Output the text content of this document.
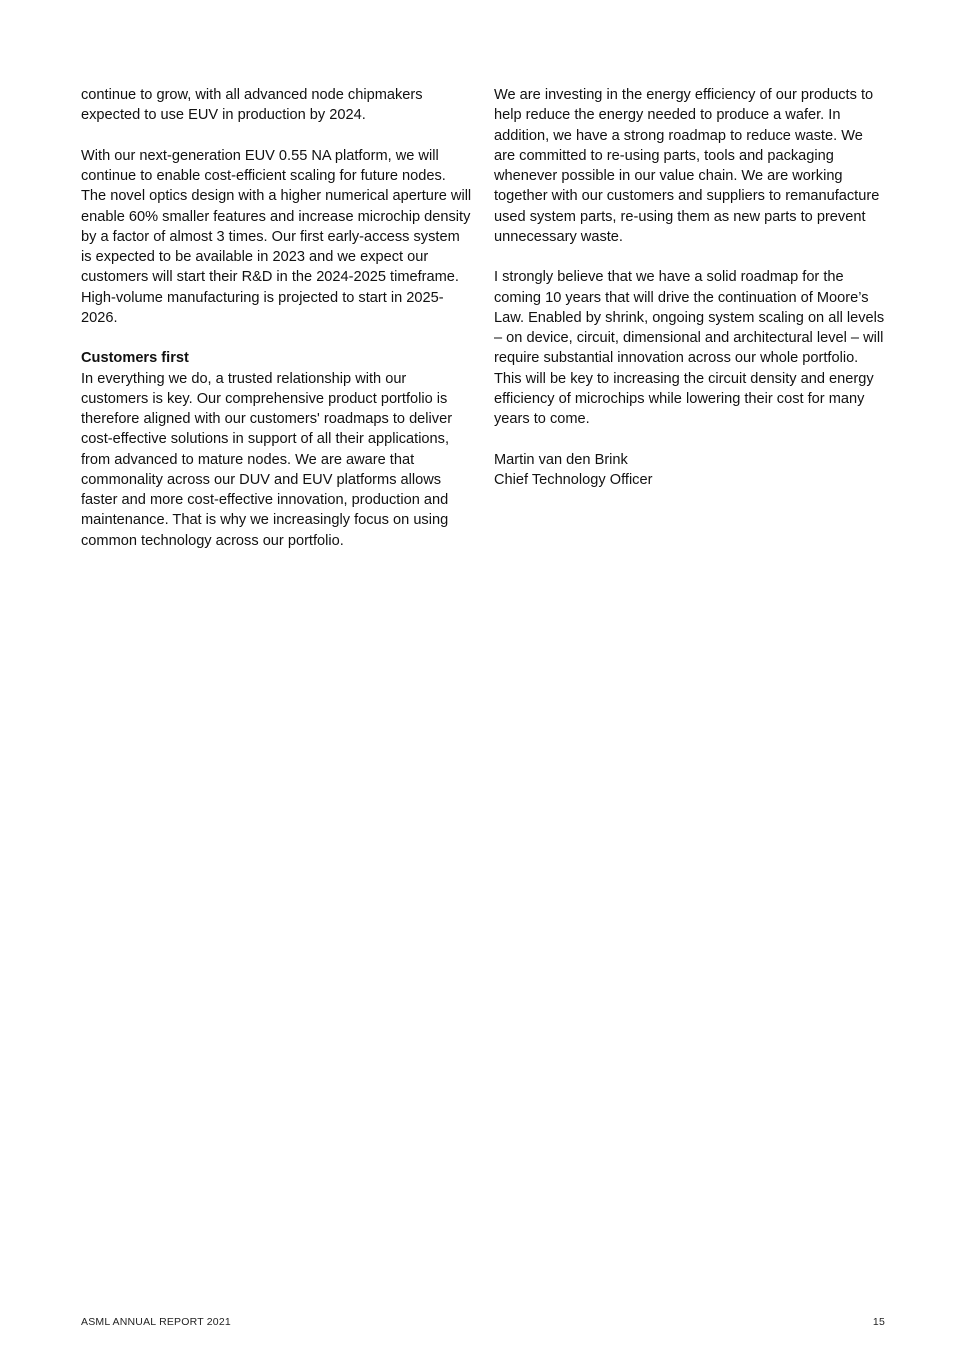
continue to grow, with all advanced node chipmakers expected to use EUV in production by 2024.

With our next-generation EUV 0.55 NA platform, we will continue to enable cost-efficient scaling for future nodes. The novel optics design with a higher numerical aperture will enable 60% smaller features and increase microchip density by a factor of almost 3 times. Our first early-access system is expected to be available in 2023 and we expect our customers will start their R&D in the 2024-2025 timeframe. High-volume manufacturing is projected to start in 2025-2026.

Customers first

In everything we do, a trusted relationship with our customers is key. Our comprehensive product portfolio is therefore aligned with our customers' roadmaps to deliver cost-effective solutions in support of all their applications, from advanced to mature nodes. We are aware that commonality across our DUV and EUV platforms allows faster and more cost-effective innovation, production and maintenance. That is why we increasingly focus on using common technology across our portfolio.

We are investing in the energy efficiency of our products to help reduce the energy needed to produce a wafer. In addition, we have a strong roadmap to reduce waste. We are committed to re-using parts, tools and packaging whenever possible in our value chain. We are working together with our customers and suppliers to remanufacture used system parts, re-using them as new parts to prevent unnecessary waste.

I strongly believe that we have a solid roadmap for the coming 10 years that will drive the continuation of Moore’s Law. Enabled by shrink, ongoing system scaling on all levels – on device, circuit, dimensional and architectural level – will require substantial innovation across our whole portfolio. This will be key to increasing the circuit density and energy efficiency of microchips while lowering their cost for many years to come.

Martin van den Brink

Chief Technology Officer

ASML ANNUAL REPORT 2021	15
